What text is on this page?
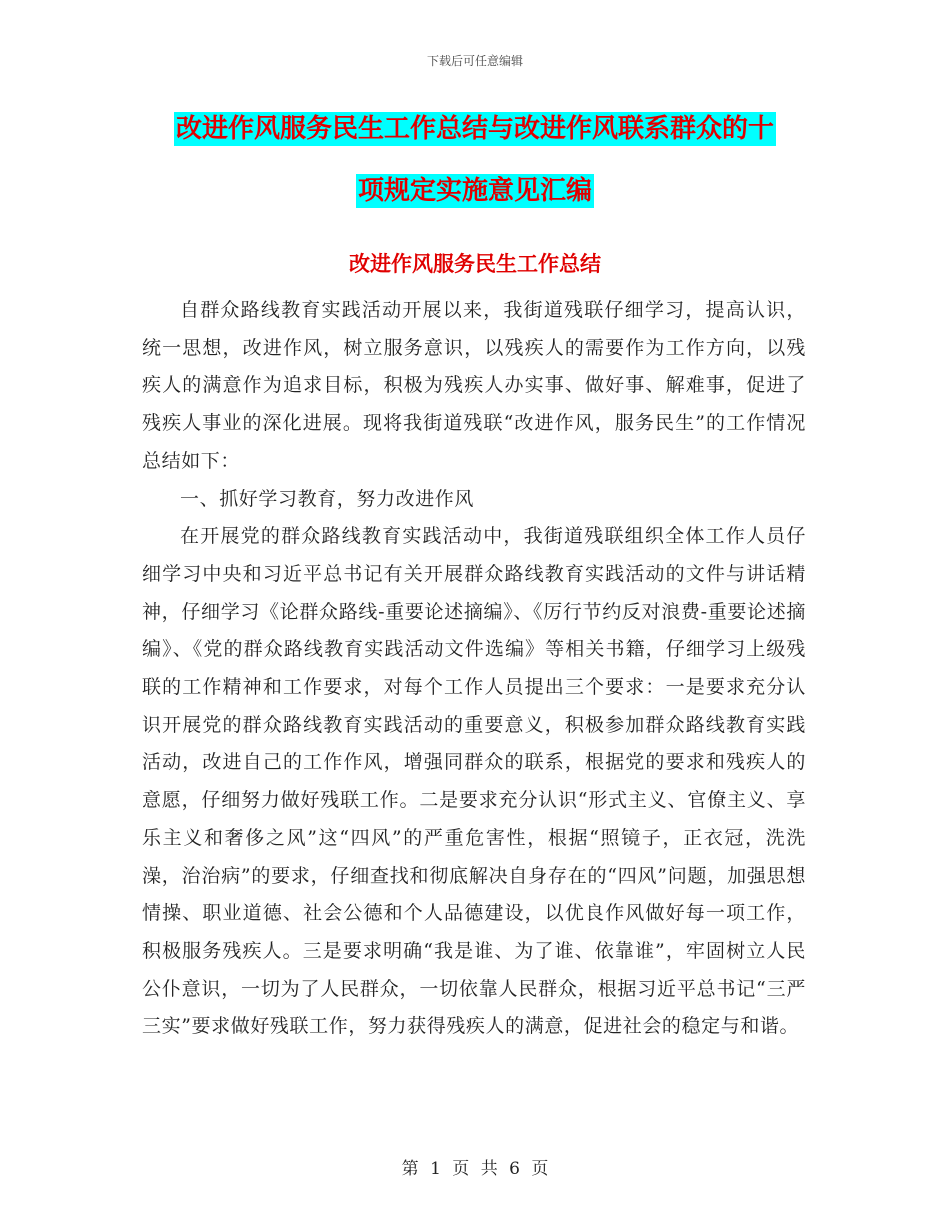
下载后可任意编辑
改进作风服务民生工作总结与改进作风联系群众的十
项规定实施意见汇编
改进作风服务民生工作总结

自群众路线教育实践活动开展以来，我街道残联仔细学习，提高认识，统一思想，改进作风，树立服务意识，以残疾人的需要作为工作方向，以残疾人的满意作为追求目标，积极为残疾人办实事、做好事、解难事，促进了残疾人事业的深化进展。现将我街道残联“改进作风，服务民生”的工作情况总结如下：

一、抓好学习教育，努力改进作风

在开展党的群众路线教育实践活动中，我街道残联组织全体工作人员仔细学习中央和习近平总书记有关开展群众路线教育实践活动的文件与讲话精神，仔细学习《论群众路线-重要论述摘编》、《厉行节约反对浪费-重要论述摘编》、《党的群众路线教育实践活动文件选编》等相关书籍，仔细学习上级残联的工作精神和工作要求，对每个工作人员提出三个要求：一是要求充分认识开展党的群众路线教育实践活动的重要意义，积极参加群众路线教育实践活动，改进自己的工作作风，增强同群众的联系，根据党的要求和残疾人的意愿，仔细努力做好残联工作。二是要求充分认识“形式主义、官僚主义、享乐主义和奢侈之风”这“四风”的严重危害性，根据“照镜子，正衣冠，洗洗澡，治治病”的要求，仔细查找和彻底解决自身存在的“四风”问题，加强思想情操、职业道德、社会公德和个人品德建设，以优良作风做好每一项工作，积极服务残疾人。三是要求明确“我是谁、为了谁、依靠谁”，牢固树立人民公仆意识，一切为了人民群众，一切依靠人民群众，根据习近平总书记“三严三实”要求做好残联工作，努力获得残疾人的满意，促进社会的稳定与和谐。

第 1 页 共 6 页
